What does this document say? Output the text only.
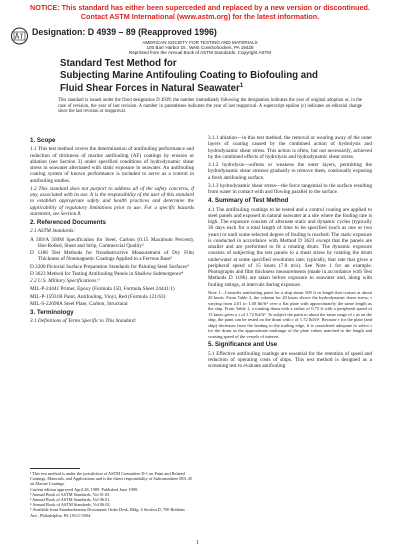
NOTICE: This standard has either been superceded and replaced by a new version or discontinued.
Contact ASTM International (www.astm.org) for the latest information.
Designation: D 4939 – 89 (Reapproved 1996)
AMERICAN SOCIETY FOR TESTING AND MATERIALS
100 Barr Harbor Dr., West Conshohocken, PA 19428
Reprinted from the Annual Book of ASTM Standards. Copyright ASTM
Standard Test Method for
Subjecting Marine Antifouling Coating to Biofouling and
Fluid Shear Forces in Natural Seawater$^1$
This standard is issued under the fixed designation D 4939; the number immediately following the designation indicates the year of original adoption or, in the case of revision, the year of last revision. A number in parentheses indicates the year of last reapproval. A superscript epsilon (ε) indicates an editorial change since the last revision or reapproval.
1. Scope

1.1 This test method covers the determination of antifouling performance and reduction of thickness of marine antifouling (AF) coatings by erosion or ablation (see Section 3) under specified conditions of hydrodynamic shear stress in seawater alternated with static exposure in seawater. An antifouling coating system of known performance is included to serve as a control in antifouling studies.

1.2 This standard does not purport to address all of the safety concerns, if any, associated with its use. It is the responsibility of the user of this standard to establish appropriate safety and health practices and determine the applicability of regulatory limitations prior to use. For a specific hazards statement, see Section 8.

2. Referenced Documents

2.1 ASTM Standards:

A 569/A 569M Specification for Steel, Carbon (0.15 Maximum Percent), Hot-Rolled, Sheet and Strip, Commercial Quality²

D 1186 Test Methods for Nondestructive Measurement of Dry Film Thickness of Nonmagnetic Coatings Applied to a Ferrous Base³

D 2200 Pictorial Surface Preparation Standards for Painting Steel Surfaces⁴

D 3623 Method for Testing Antifouling Panels in Shallow Submergence⁴

2.2 U.S. Military Specifications:⁵

MIL-P-24441 Primer, Epoxy (Formula 150, Formula Sheet 24441/1)

MIL-P-15931B Paint, Antifouling, Vinyl, Red (Formula 121/63)

MIL-S-22698A Steel Plate, Carbon, Structural

3. Terminology

3.1 Definitions of Terms Specific to This Standard:

¹ This test method is under the jurisdiction of ASTM Committee D-1 on Paint and Related Coatings, Materials, and Applications and is the direct responsibility of Subcommittee D01.45 on Marine Coatings.
Current edition approved April 28, 1989. Published June 1989.
² Annual Book of ASTM Standards, Vol 01.03.
³ Annual Book of ASTM Standards, Vol 06.01.
⁴ Annual Book of ASTM Standards, Vol 06.02.
⁵ Available from Standardization Documents Order Desk, Bldg. 4 Section D, 700 Robbins Ave., Philadelphia, PA 19111-5094.

3.1.1 ablation—in this test method, the removal or wearing away of the outer layers of coating caused by the combined action of hydrolysis and hydrodynamic shear stress. This action is often, but not necessarily, achieved by the combined effects of hydrolysis and hydrodynamic shear stress.

3.1.2 hydrolysis—softens or weakens the outer layers, permitting the hydrodynamic shear stresses gradually to remove them, continually exposing a fresh antifouling surface.

3.1.3 hydrodynamic shear stress—the force tangential to the surface resulting from water in contact with and flowing parallel to the surface.

4. Summary of Test Method

4.1 The antifouling coatings to be tested and a control coating are applied to steel panels and exposed in natural seawater at a site where the fouling rate is high. The exposure consists of alternate static and dynamic cycles (typically 30 days each for a total length of time to be specified (such as one or two years) or until some selected degree of fouling is reached. The static exposure is conducted in accordance with Method D 3623 except that the panels are smaller and are preformed to fit a rotating drum. The dynamic exposure consists of subjecting the test panels to a shear stress by rotating the drum underwater at some specified revolution rate; typically, that rate that gives a peripheral speed of 15 knots (7.6 m/s). See Note 1 for an example. Photographs and film thickness measurements (made in accordance with Test Methods D 1186) are taken before exposure to seawater and, along with fouling ratings, at intervals during exposure.

Note 1—Consider antifouling paint for a ship about 500 ft in length that cruises at about 20 knots. From Table 2, the column for 20 knots shows the hydrodynamic shear stress, τ varying from 2.01 to 1.40 lbf/ft² over a flat plate with approximately the same length as the ship. From Table 1, a rotating drum with a radius of 0.75 ft with a peripheral speed of 15 knots gives a τ of 1.72 lbf/ft². To subject the paint to about the same range of τ as on the ship, the paint can be tested on the drum with τ of 1.72 lbf/ft². Because τ for the plate (and ship) decreases from the leading to the trailing edge, it is considered adequate to select τ for the drum as the approximate midrange of the plate values matched to the length and cruising speed of the vessels of interest.

5. Significance and Use

5.1 Effective antifouling coatings are essential for the retention of speed and reduction of operating costs of ships. This test method is designed as a screening test to evaluate antifouling

1
